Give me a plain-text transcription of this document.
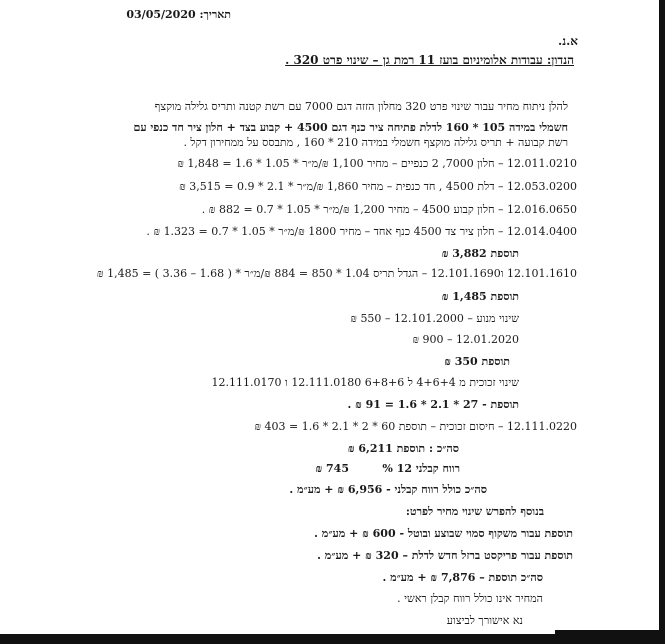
תאריך: 03/05/2020
א.נ.
הנדון: עבודות אלומיניום בועז 11 רמת גן – שינוי פרט 320 .
להלן ניתוח מחיר עבור שינוי פרט 320 מחלון הזזה דגם 7000 עם רשת קטנה ותריס גלילה מוקצף
חשמלי במידה 105 * 160 לדלת פתיחה ציר כנף דגם 4500 + קבוע בצד + חלון ציר חד כנפי עם
רשת קבועה + תריס גלילה מוקצף חשמלי במידה 210 * 160 , מתבסס על ממחירון דקל .
12.011.0210 – חלון 7000, 2 כנפיים – מחיר 1,100 ₪/מ״ר * 1.05 * 1.6 = 1,848 ₪
12.053.0200 – דלת 4500 , חד כנפית – מחיר 1,860 ₪/מ״ר * 2.1 * 0.9 = 3,515 ₪
12.016.0650 – חלון קבוע 4500 – מחיר 1,200 ₪/מ״ר * 1.05 * 0.7 = 882 ₪ .
12.014.0400 – חלון ציר צד 4500 כנף אחד – מחיר 1800 ₪/מ״ר * 1.05 * 0.7 = 1.323 ₪ .
תוספת 3,882 ₪
12.101.1610 ו12.101.1690 – הגדל תריס 1.04 * 850 = 884 ₪/מ״ר * ( 1.68 – 3.36 ) = 1,485 ₪
תוספת 1,485 ₪
שינוי מנוע – 12.101.2000 – 550 ₪
12.01.2020 – 900 ₪
תוספת 350 ₪
שינוי זכוכית מ 4+6+4 ל 6+8+6 12.111.0180 ו 12.111.0170
תוספת - 27 * 2.1 * 1.6 = 91 ₪ .
12.111.0220 – חיסום זכוכית – תוספת 60 * 2 * 2.1 * 1.6 = 403 ₪
סה״כ : תוספת 6,211 ₪
רווח קבלני 12 %
745 ₪
סה״כ כולל רווח קבלני - 6,956 ₪ + מע״מ .
בנוסף להפרש שינוי מחיר לפרט:
תוספת עבור משקוף סמוי שבוצע ובוטל - 600 ₪ + מע״מ .
תוספת עבור פריקסט ברזל חדש לדלת – 320 ₪ + מע״מ .
סה״כ תוספת – 7,876 ₪ + מע״מ .
המחיר אינו כולל רווח קבלן ראשי .
נא אישורך לביצוע
